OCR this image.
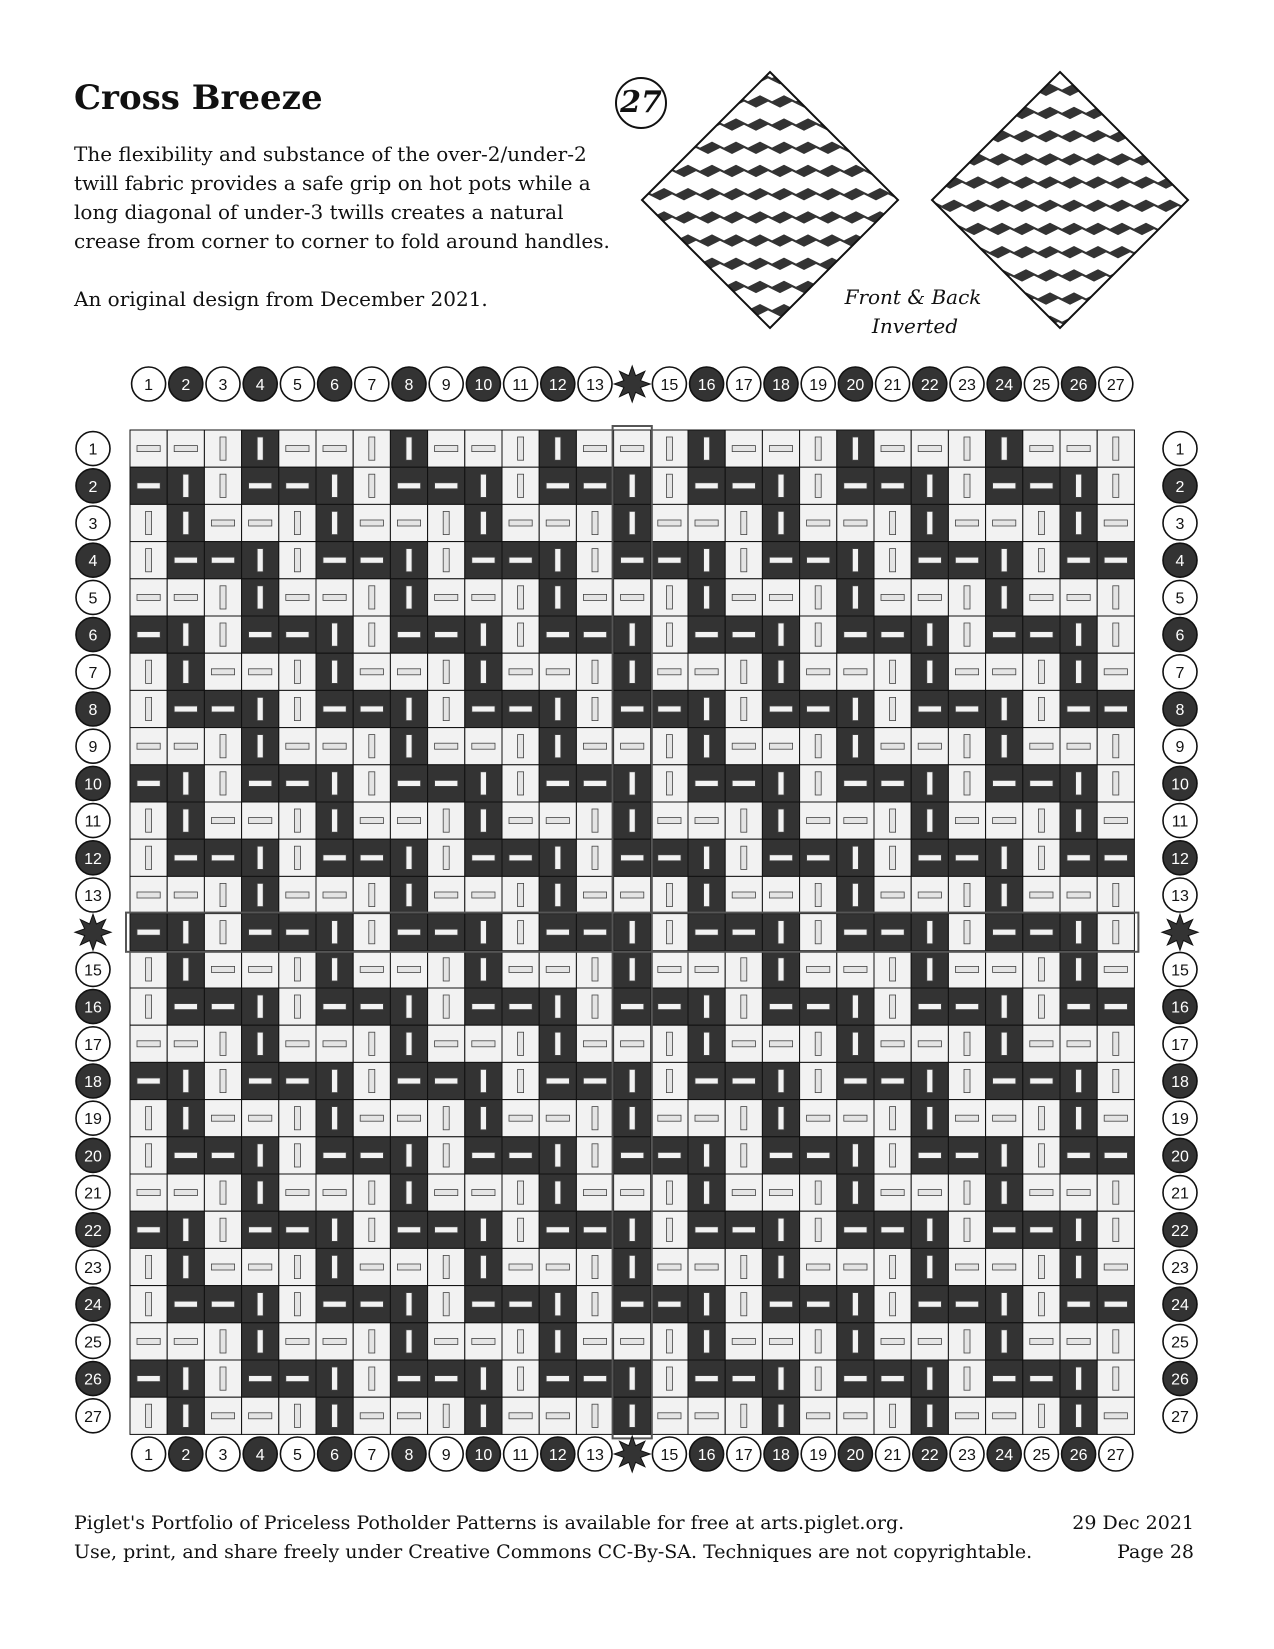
Cross Breeze
The flexibility and substance of the over-2/under-2 twill fabric provides a safe grip on hot pots while a long diagonal of under-3 twills creates a natural crease from corner to corner to fold around handles.
An original design from December 2021.
27
Front & Back
Inverted
1 2 3 4 5 6 7 8 9 10 11 12 13	15 16 17 18 19 20 21 22 23 24 25 26 27
1 2 3 4 5 6 7 8 9 10 11 12 13	15 16 17 18 19 20 21 22 23 24 25 26 27
1
2
3
4
5
6
7
8
9
10
11
12
13
15
16
17
18
19
20
21
22
23
24
25
26
27
1
2
3
4
5
6
7
8
9
10
11
12
13
15
16
17
18
19
20
21
22
23
24
25
26
27
Piglet's Portfolio of Priceless Potholder Patterns is available for free at arts.piglet.org.
Use, print, and share freely under Creative Commons CC-By-SA. Techniques are not copyrightable.
29 Dec 2021
Page 28
